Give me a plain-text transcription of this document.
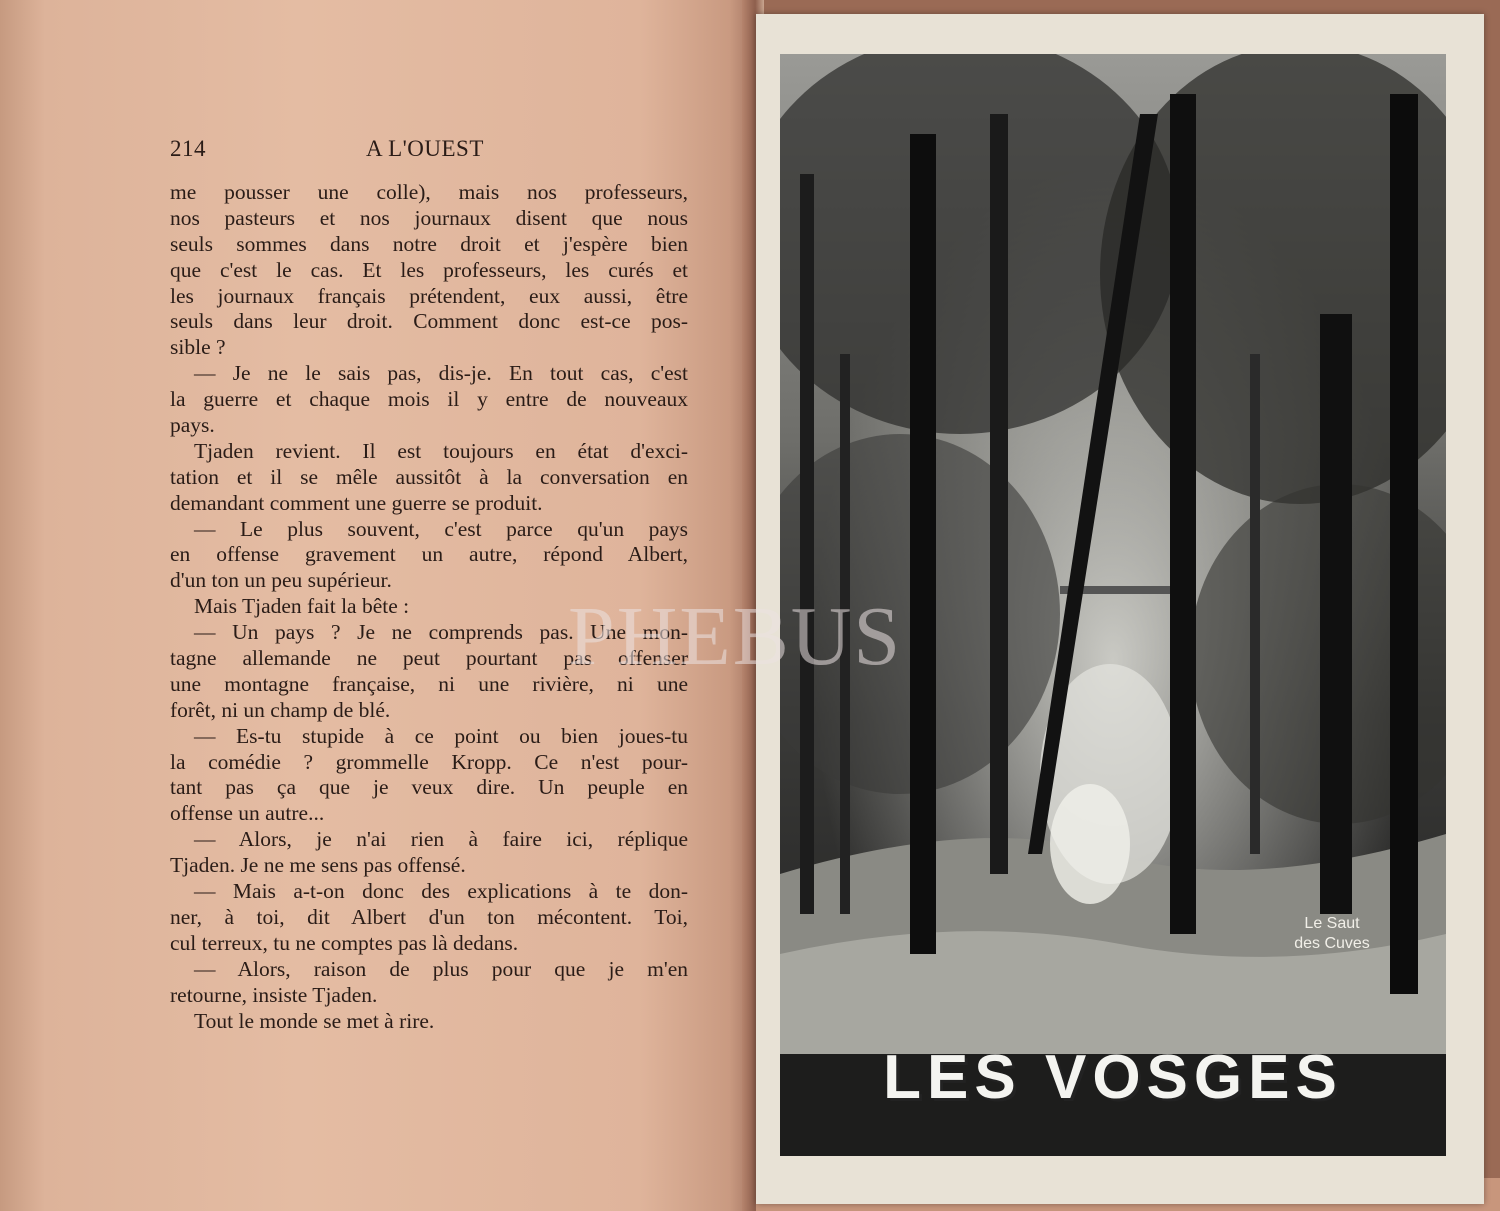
214	A L'OUEST
me pousser une colle), mais nos professeurs,
nos pasteurs et nos journaux disent que nous
seuls sommes dans notre droit et j'espère bien
que c'est le cas. Et les professeurs, les curés et
les journaux français prétendent, eux aussi, être
seuls dans leur droit. Comment donc est-ce pos-
sible ?
— Je ne le sais pas, dis-je. En tout cas, c'est
la guerre et chaque mois il y entre de nouveaux
pays.
Tjaden revient. Il est toujours en état d'exci-
tation et il se mêle aussitôt à la conversation en
demandant comment une guerre se produit.
— Le plus souvent, c'est parce qu'un pays
en offense gravement un autre, répond Albert,
d'un ton un peu supérieur.
Mais Tjaden fait la bête :
— Un pays ? Je ne comprends pas. Une mon-
tagne allemande ne peut pourtant pas offenser
une montagne française, ni une rivière, ni une
forêt, ni un champ de blé.
— Es-tu stupide à ce point ou bien joues-tu
la comédie ? grommelle Kropp. Ce n'est pour-
tant pas ça que je veux dire. Un peuple en
offense un autre...
— Alors, je n'ai rien à faire ici, réplique
Tjaden. Je ne me sens pas offensé.
— Mais a-t-on donc des explications à te don-
ner, à toi, dit Albert d'un ton mécontent. Toi,
cul terreux, tu ne comptes pas là dedans.
— Alors, raison de plus pour que je m'en
retourne, insiste Tjaden.
Tout le monde se met à rire.
Le Saut
des Cuves
LES VOSGES
PHEBUS
